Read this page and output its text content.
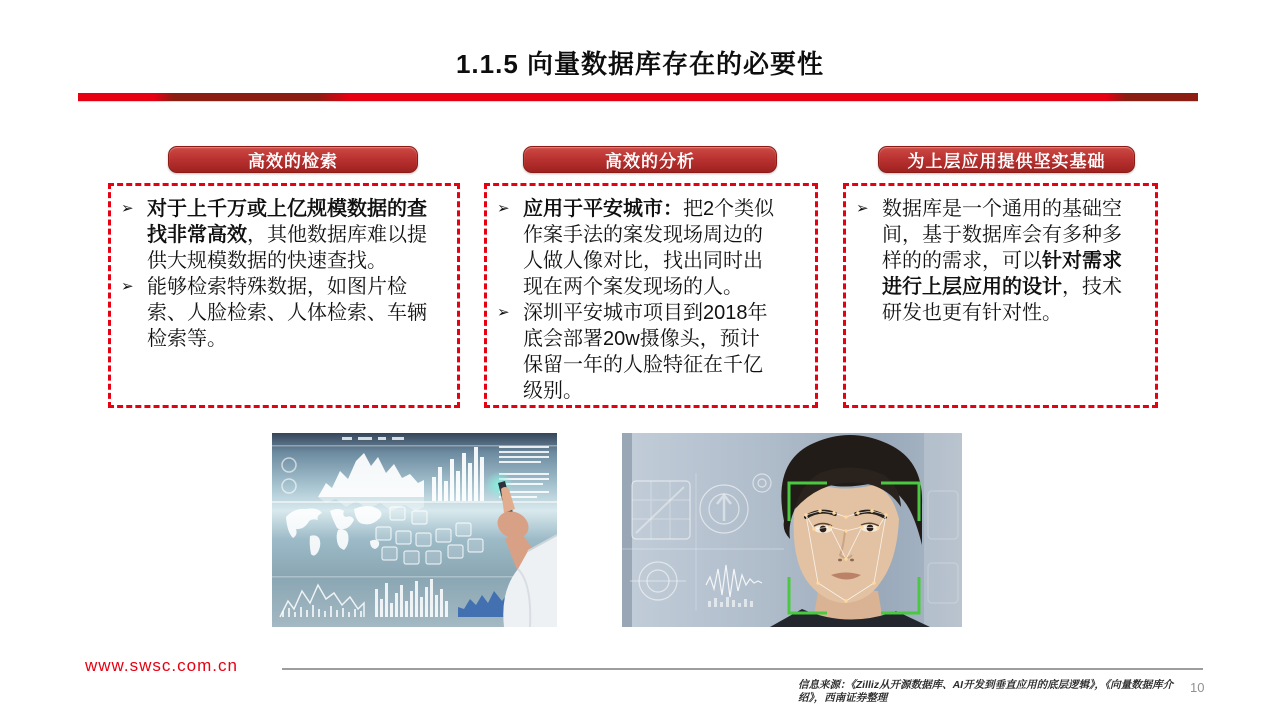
1.1.5 向量数据库存在的必要性
高效的检索	高效的分析	为上层应用提供坚实基础
➢ 对于上千万或上亿规模数据的查找非常高效，其他数据库难以提供大规模数据的快速查找。
➢ 能够检索特殊数据，如图片检索、人脸检索、人体检索、车辆检索等。
➢ 应用于平安城市：把2个类似作案手法的案发现场周边的人做人像对比，找出同时出现在两个案发现场的人。
➢ 深圳平安城市项目到2018年底会部署20w摄像头，预计保留一年的人脸特征在千亿级别。
➢ 数据库是一个通用的基础空间，基于数据库会有多种多样的的需求，可以针对需求进行上层应用的设计，技术研发也更有针对性。
www.swsc.com.cn
信息来源：《Zilliz从开源数据库、AI开发到垂直应用的底层逻辑》，《向量数据库介绍》，西南证券整理
10
